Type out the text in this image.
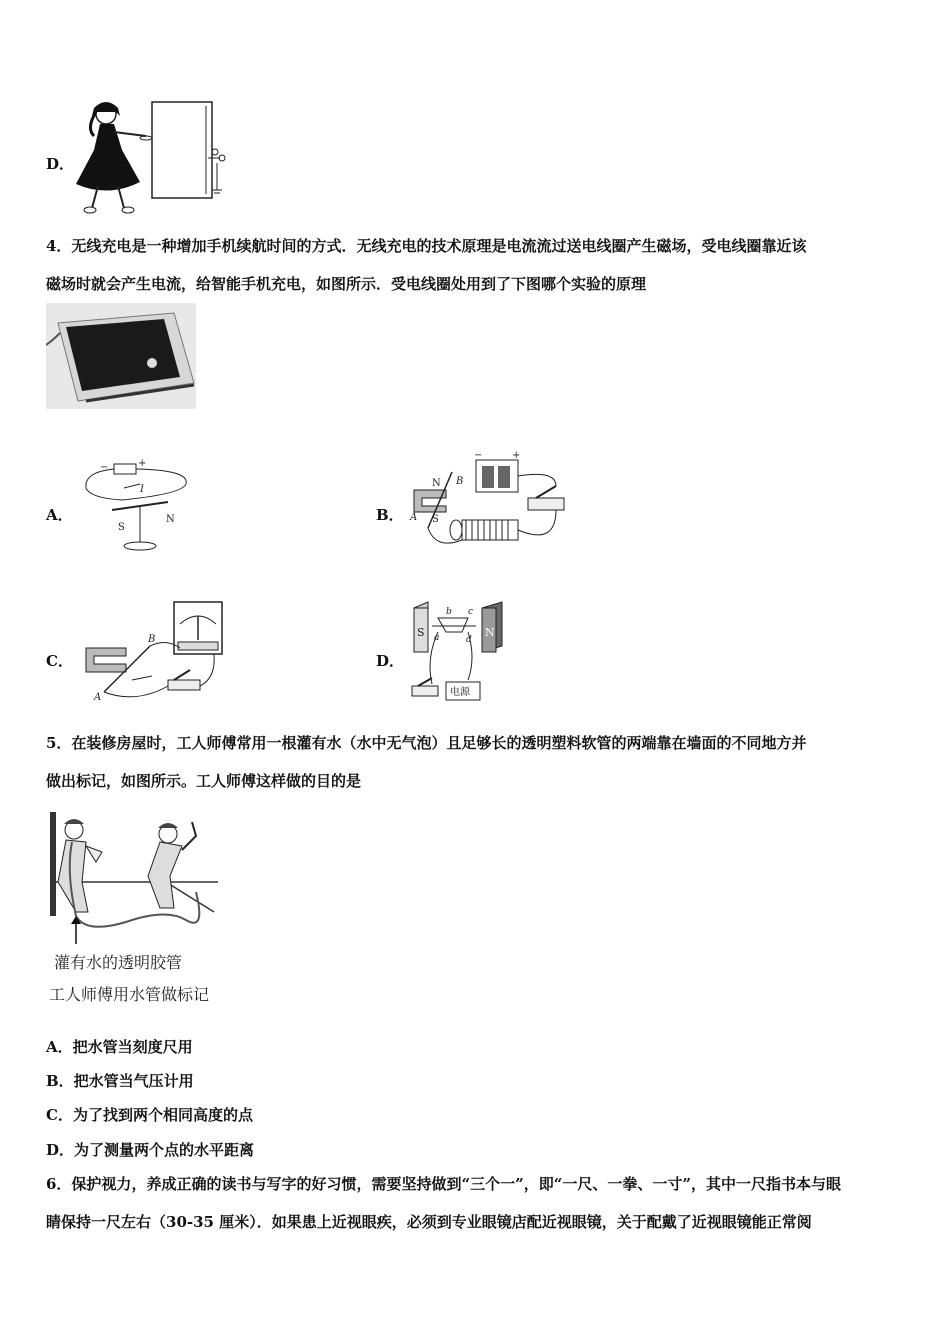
D．
4．无线充电是一种增加手机续航时间的方式．无线充电的技术原理是电流流过送电线圈产生磁场，受电线圈靠近该
磁场时就会产生电流，给智能手机充电，如图所示．受电线圈处用到了下图哪个实验的原理
A．
−	+
I
S
N	B．
N
S
A
B
−	+
C．
B
A
D．
S	N
b c
a	d
电源
5．在装修房屋时，工人师傅常用一根灌有水（水中无气泡）且足够长的透明塑料软管的两端靠在墙面的不同地方并
做出标记，如图所示。工人师傅这样做的目的是
灌有水的透明胶管
工人师傅用水管做标记
A．把水管当刻度尺用
B．把水管当气压计用
C．为了找到两个相同高度的点
D．为了测量两个点的水平距离
6．保护视力，养成正确的读书与写字的好习惯，需要坚持做到“三个一”，即“一尺、一拳、一寸”，其中一尺指书本与眼
睛保持一尺左右（30-35 厘米）．如果患上近视眼疾，必须到专业眼镜店配近视眼镜，关于配戴了近视眼镜能正常阅
